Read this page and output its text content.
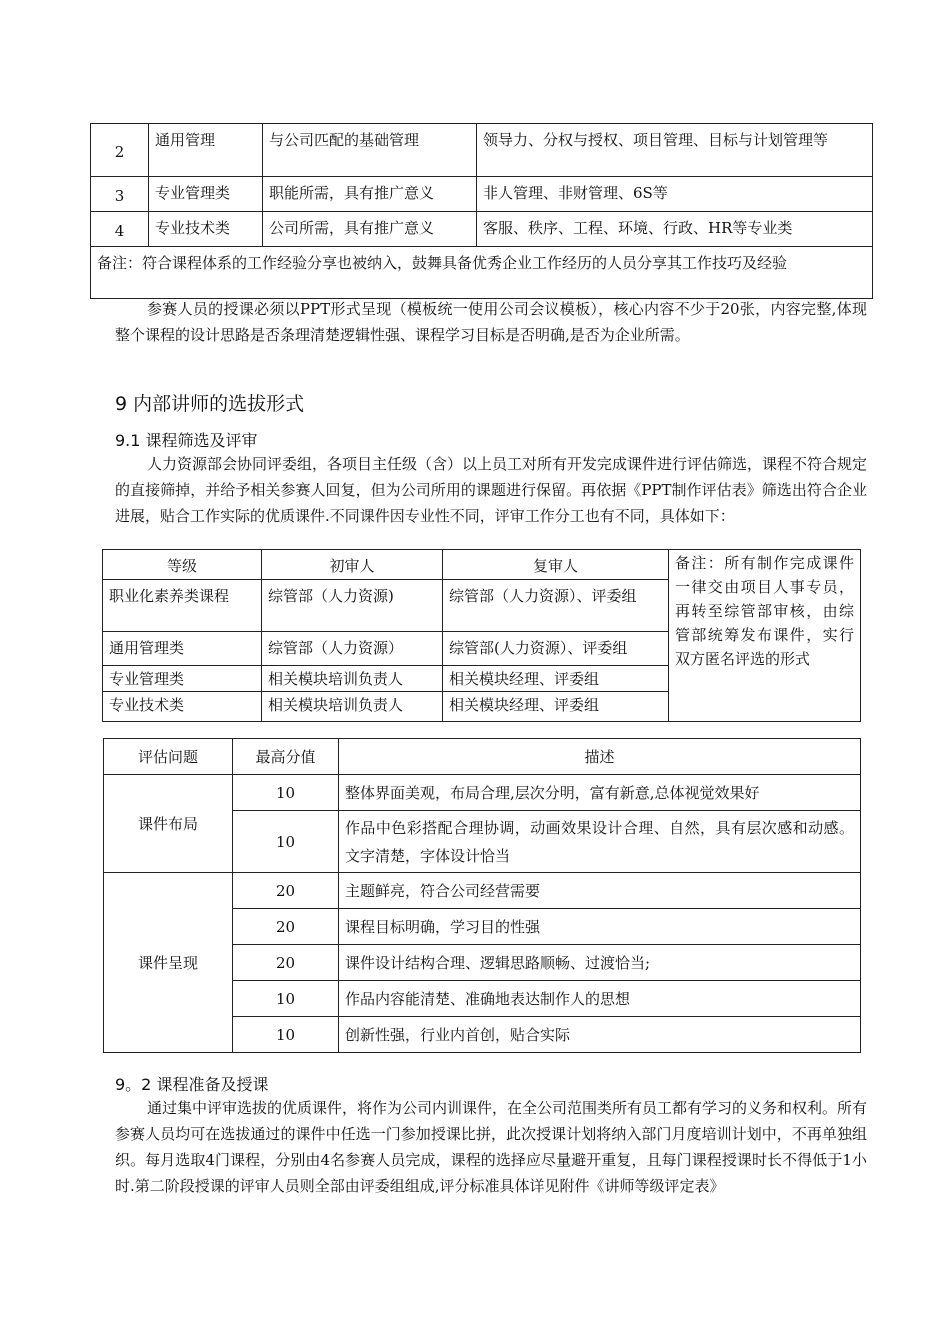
2	通用管理	与公司匹配的基础管理	领导力、分权与授权、项目管理、目标与计划管理等
3	专业管理类	职能所需，具有推广意义	非人管理、非财管理、6S等
4	专业技术类	公司所需，具有推广意义	客服、秩序、工程、环境、行政、HR等专业类
备注：符合课程体系的工作经验分享也被纳入，鼓舞具备优秀企业工作经历的人员分享其工作技巧及经验			
参赛人员的授课必须以PPT形式呈现（模板统一使用公司会议模板），核心内容不少于20张，内容完整,体现整个课程的设计思路是否条理清楚逻辑性强、课程学习目标是否明确,是否为企业所需。
9 内部讲师的选拔形式
9.1 课程筛选及评审
人力资源部会协同评委组，各项目主任级（含）以上员工对所有开发完成课件进行评估筛选，课程不符合规定的直接筛掉，并给予相关参赛人回复，但为公司所用的课题进行保留。再依据《PPT制作评估表》筛选出符合企业进展，贴合工作实际的优质课件.不同课件因专业性不同，评审工作分工也有不同，具体如下：
等级	初审人	复审人	备注：所有制作完成课件一律交由项目人事专员，再转至综管部审核，由综管部统筹发布课件，实行双方匿名评选的形式
职业化素养类课程	综管部（人力资源)	综管部（人力资源）、评委组	
通用管理类	综管部（人力资源）	综管部(人力资源）、评委组	
专业管理类	相关模块培训负责人	相关模块经理、评委组	
专业技术类	相关模块培训负责人	相关模块经理、评委组	
评估问题	最高分值	描述
课件布局	10	整体界面美观，布局合理,层次分明，富有新意,总体视觉效果好
	10	作品中色彩搭配合理协调，动画效果设计合理、自然，具有层次感和动感。文字清楚，字体设计恰当
课件呈现	20	主题鲜亮，符合公司经营需要
	20	课程目标明确，学习目的性强
	20	课件设计结构合理、逻辑思路顺畅、过渡恰当;
	10	作品内容能清楚、准确地表达制作人的思想
	10	创新性强，行业内首创，贴合实际
9。2 课程准备及授课
通过集中评审选拔的优质课件，将作为公司内训课件，在全公司范围类所有员工都有学习的义务和权利。所有参赛人员均可在选拔通过的课件中任选一门参加授课比拼，此次授课计划将纳入部门月度培训计划中，不再单独组织。每月选取4门课程，分别由4名参赛人员完成，课程的选择应尽量避开重复，且每门课程授课时长不得低于1小时.第二阶段授课的评审人员则全部由评委组组成,评分标准具体详见附件《讲师等级评定表》
